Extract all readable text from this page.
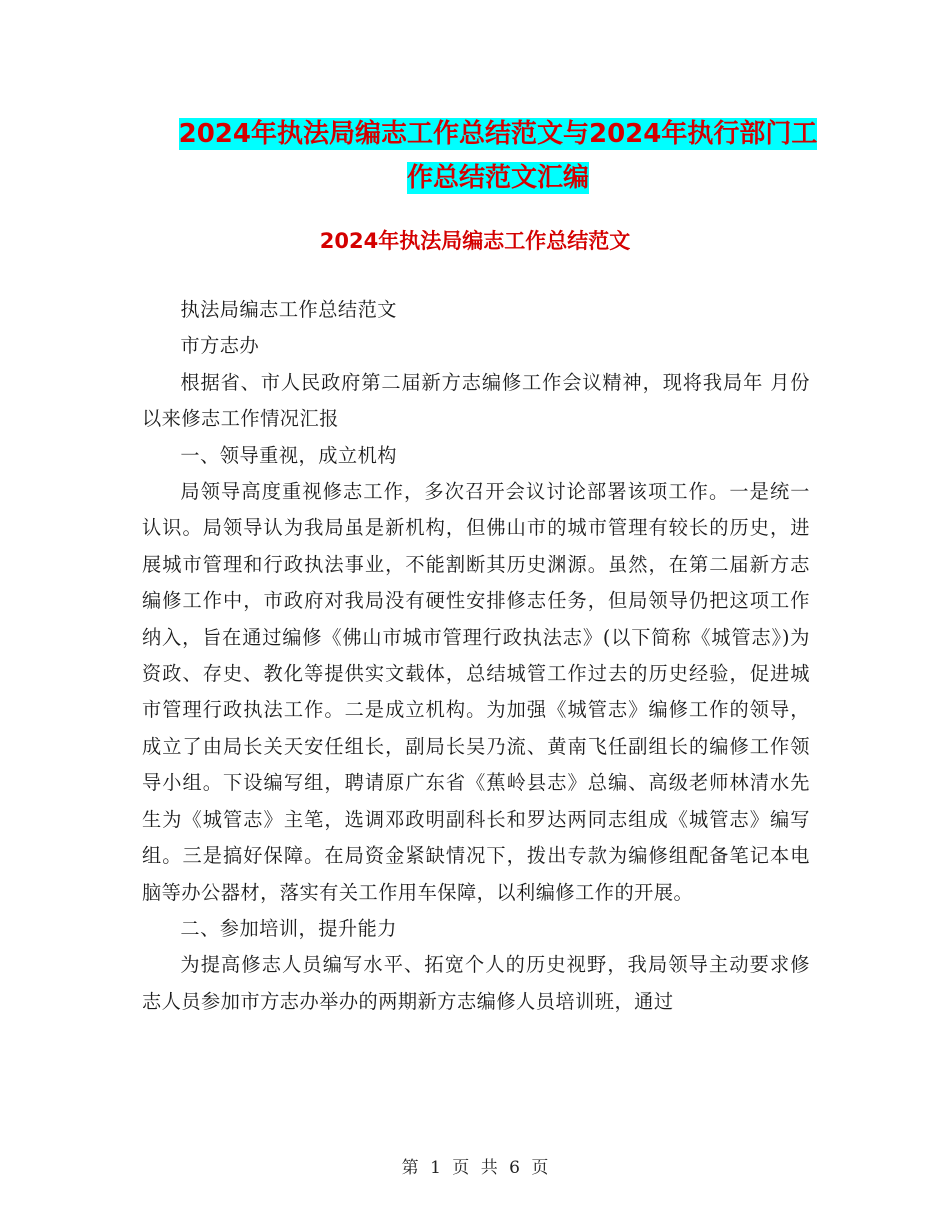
2024年执法局编志工作总结范文与2024年执行部门工
作总结范文汇编
2024年执法局编志工作总结范文

执法局编志工作总结范文

市方志办

根据省、市人民政府第二届新方志编修工作会议精神，现将我局年 月份以来修志工作情况汇报

一、领导重视，成立机构

局领导高度重视修志工作，多次召开会议讨论部署该项工作。一是统一认识。局领导认为我局虽是新机构，但佛山市的城市管理有较长的历史，进展城市管理和行政执法事业，不能割断其历史渊源。虽然，在第二届新方志编修工作中，市政府对我局没有硬性安排修志任务，但局领导仍把这项工作纳入，旨在通过编修《佛山市城市管理行政执法志》(以下简称《城管志》)为资政、存史、教化等提供实文载体，总结城管工作过去的历史经验，促进城市管理行政执法工作。二是成立机构。为加强《城管志》编修工作的领导，成立了由局长关天安任组长，副局长吴乃流、黄南飞任副组长的编修工作领导小组。下设编写组，聘请原广东省《蕉岭县志》总编、高级老师林清水先生为《城管志》主笔，选调邓政明副科长和罗达两同志组成《城管志》编写组。三是搞好保障。在局资金紧缺情况下，拨出专款为编修组配备笔记本电脑等办公器材，落实有关工作用车保障，以利编修工作的开展。

二、参加培训，提升能力

为提高修志人员编写水平、拓宽个人的历史视野，我局领导主动要求修志人员参加市方志办举办的两期新方志编修人员培训班，通过

第 1 页 共 6 页
